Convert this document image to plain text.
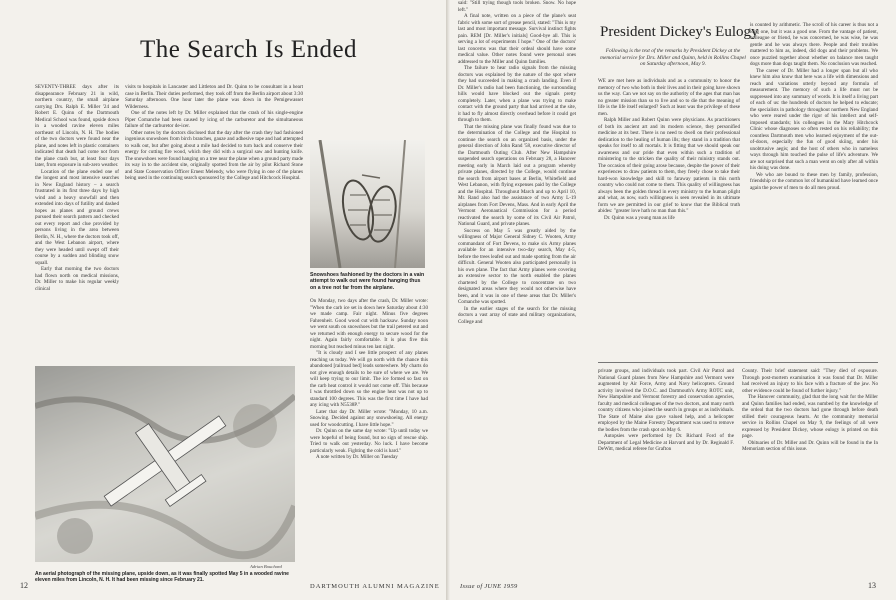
The Search Is Ended

SEVENTY-THREE days after its disappearance February 21 in wild, northern country, the small airplane carrying Drs. Ralph E. Miller '24 and Robert E. Quinn of the Dartmouth Medical School was found, upside down in a wooded ravine eleven miles northeast of Lincoln, N. H. The bodies of the two doctors were found near the plane, and notes left in plastic containers indicated that death had come not from the plane crash but, at least four days later, from exposure in sub-zero weather.

Location of the plane ended one of the longest and most intensive searches in New England history – a search frustrated in its first three days by high wind and a heavy snowfall and then extended into days of futility and dashed hopes as planes and ground crews pursued their search pattern and checked out every report and clue provided by persons living in the area between Berlin, N. H., where the doctors took off, and the West Lebanon airport, where they were headed until swept off their course by a sudden and blinding snow squall.

Early that morning the two doctors had flown north on medical missions, Dr. Miller to make his regular weekly clinical

visits to hospitals in Lancaster and Littleton and Dr. Quinn to be consultant in a heart case in Berlin. Their duties performed, they took off from the Berlin airport about 3:30 Saturday afternoon. One hour later the plane was down in the Pemigewasset Wilderness.

One of the notes left by Dr. Miller explained that the crash of his single-engine Piper Comanche had been caused by icing of the carburetor and the simultaneous failure of the carburetor de-icer.

Other notes by the doctors disclosed that the day after the crash they had fashioned ingenious snowshoes from birch branches, gauze and adhesive tape and had attempted to walk out, but after going about a mile had decided to turn back and conserve their energy for cutting fire wood, which they did with a surgical saw and hunting knife. The snowshoes were found hanging on a tree near the plane when a ground party made its way in to the accident site, originally spotted from the air by pilot Richard Stone and State Conservation Officer Ernest Melendy, who were flying in one of the planes being used in the continuing search sponsored by the College and Hitchcock Hospital.

Snowshoes fashioned by the doctors in a vain attempt to walk out were found hanging thus on a tree not far from the airplane.

On Monday, two days after the crash, Dr. Miller wrote: "When the carb ice set in down here Saturday about 4:30 we made camp. Fair night. Minus five degrees Fahrenheit. Good wood cut with hacksaw. Sunday noon we went south on snowshoes but the trail petered out and we returned with enough energy to secure wood for the night. Again fairly comfortable. It is plus five this morning but reached minus ten last night.

"It is cloudy and I see little prospect of any planes reaching us today. We will go north with the chance this abandoned [railroad bed] leads somewhere. My charts do not give enough details to be sure of where we are. We will keep trying to our limit. The ice formed so fast on the carb heat control it would not come off. This because I was throttled down so the engine heat was not up to standard 100 degrees. This was the first time I have had any icing with N5538P."

Later that day Dr. Miller wrote: "Monday, 10 a.m. Snowing. Decided against any snowshoeing. All energy used for woodcutting. I have little hope."

Dr. Quinn on the same day wrote: "Up until today we were hopeful of being found, but no sign of rescue ship. Tried to walk out yesterday. No luck. I have become particularly weak. Fighting the cold is hard."

A note written by Dr. Miller on Tuesday

Adrian Bouchard
An aerial photograph of the missing plane, upside down, as it was finally spotted May 5 in a wooded ravine eleven miles from Lincoln, N. H. It had been missing since February 21.
12	DARTMOUTH ALUMNI MAGAZINE

said: "Still trying though tools broken. Snow. No hope left."

A final note, written on a piece of the plane's seat fabric with some sort of grease pencil, stated: "This is my last and most important message. Survival instinct fights pain. REM [Dr. Miller's initials] Good-bye all. This is serving a lot of experiments I hope." One of the doctors' last concerns was that their ordeal should have some medical value. Other notes found were personal ones addressed to the Miller and Quinn families.

The failure to hear radio signals from the missing doctors was explained by the nature of the spot where they had succeeded in making a crash landing. Even if Dr. Miller's radio had been functioning, the surrounding hills would have blocked out the signals pretty completely. Later, when a plane was trying to make contact with the ground party that had arrived at the site, it had to fly almost directly overhead before it could get through to them.

That the missing plane was finally found was due to the determination of the College and the Hospital to continue the search on an organized basis, under the general direction of John Rand '58, executive director of the Dartmouth Outing Club. After New Hampshire suspended search operations on February 28, a Hanover meeting early in March laid out a program whereby private planes, directed by the College, would continue the search from airport bases at Berlin, Whitefield and West Lebanon, with flying expenses paid by the College and the Hospital. Throughout March and up to April 10, Mr. Rand also had the assistance of two Army L-19 airplanes from Fort Devens, Mass. And in early April the Vermont Aeronautical Commission for a period reactivated the search by some of its Civil Air Patrol, National Guard, and private planes.

Success on May 5 was greatly aided by the willingness of Major General Sidney C. Wooten, Army commandant of Fort Devens, to make six Army planes available for an intensive two-day search, May 4-5, before the trees leafed out and made spotting from the air difficult. General Wooten also participated personally in his own plane. The fact that Army planes were covering an extensive sector to the north enabled the planes chartered by the College to concentrate on two designated areas where they would not otherwise have been, and it was in one of these areas that Dr. Miller's Comanche was spotted.

In the earlier stages of the search for the missing doctors a vast array of state and military organizations, College and

President Dickey's Eulogy
Following is the text of the remarks by President Dickey at the memorial service for Drs. Miller and Quinn, held in Rollins Chapel on Saturday afternoon, May 9.

WE are met here as individuals and as a community to honor the memory of two who both in their lives and in their going have shown us the way. Can we not say on the authority of the ages that man has no greater mission than so to live and so to die that the meaning of life is the life itself enlarged? Such at least was the privilege of these men.

Ralph Miller and Robert Quinn were physicians. As practitioners of both its ancient art and its modern science, they personified medicine at its best. There is no need to dwell on their professional dedication to the healing of human ills; they stand in a tradition that speaks for itself to all mortals. It is fitting that we should speak our awareness and our pride that even within such a tradition of ministering to the stricken the quality of their ministry stands out. The occasion of their going arose because, despite the power of their experiences to draw patients to them, they freely chose to take their hard-won knowledge and skill to faraway patients in this north country who could not come to them. This quality of willingness has always been the golden thread in every ministry to the human plight and what, as now, such willingness is seen revealed in its ultimate form we are permitted in our grief to know that the Biblical truth abides: "greater love hath no man than this."

Dr. Quinn was a young man as life

is counted by arithmetic. The scroll of his career is thus not a long one, but it was a good one. From the vantage of patient, colleague or friend, he was concerned, he was wise, he was gentle and he was always there. People and their troubles mattered to him as, indeed, did dogs and their problems. We once puzzled together about whether on balance men taught dogs more than dogs taught them. No conclusion was reached.

The career of Dr. Miller had a longer span but all who knew him also know that here was a life with dimensions and reach and variations utterly beyond any formula of measurement. The memory of such a life must not be suppressed into any summary of words. It is itself a living part of each of us: the hundreds of doctors he helped to educate; the specialists in pathology throughout northern New England who were reared under the rigor of his intellect and self-imposed standards; his colleagues in the Mary Hitchcock Clinic whose diagnoses so often rested on his reliability; the countless Dartmouth men who learned enjoyment of the out-of-doors, especially the fun of good skiing, under his unobtrusive aegis; and the host of others who in nameless ways through him touched the pulse of life's adventure. We are not surprised that such a man went on only after all within his doing was done.

We who are bound to these men by family, profession, friendship or the common lot of humankind have learned once again the power of men to do all men proud.

private groups, and individuals took part. Civil Air Patrol and National Guard planes from New Hampshire and Vermont were augmented by Air Force, Army and Navy helicopters. Ground activity involved the D.O.C. and Dartmouth's Army ROTC unit, New Hampshire and Vermont forestry and conservation agencies, faculty and medical colleagues of the two doctors, and many north country citizens who joined the search in groups or as individuals. The State of Maine also gave valued help, and a helicopter employed by the Maine Forestry Department was used to remove the bodies from the crash spot on May 6.

Autopsies were performed by Dr. Richard Ford of the Department of Legal Medicine at Harvard and by Dr. Reginald F. DeWitt, medical referee for Grafton

County. Their brief statement said: "They died of exposure. Through post-mortem examination it was found that Dr. Miller had received an injury to his face with a fracture of the jaw. No other evidence could be found of further injury."

The Hanover community, glad that the long wait for the Miller and Quinn families had ended, was numbed by the knowledge of the ordeal that the two doctors had gone through before death stilled their courageous hearts. At the community memorial service in Rollins Chapel on May 9, the feelings of all were expressed by President Dickey, whose eulogy is printed on this page.

Obituaries of Dr. Miller and Dr. Quinn will be found in the In Memoriam section of this issue.

Issue of JUNE 1959	13
